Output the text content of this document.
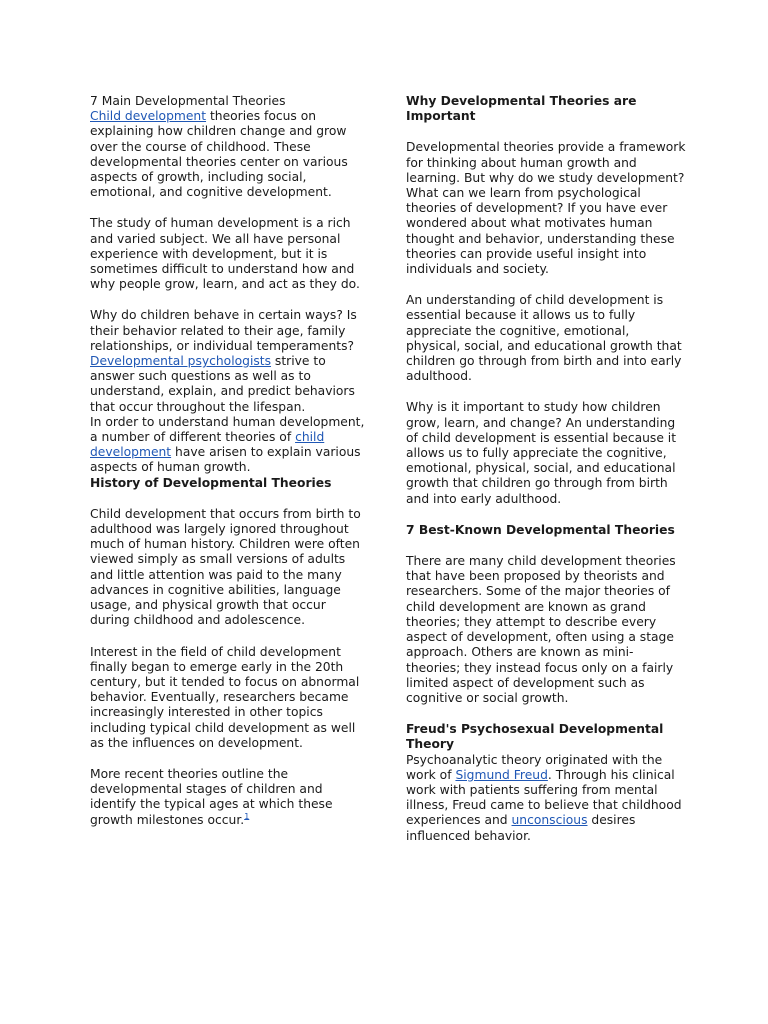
7 Main Developmental Theories

Child development theories focus on explaining how children change and grow over the course of childhood. These developmental theories center on various aspects of growth, including social, emotional, and cognitive development.

The study of human development is a rich and varied subject. We all have personal experience with development, but it is sometimes difficult to understand how and why people grow, learn, and act as they do.

Why do children behave in certain ways? Is their behavior related to their age, family relationships, or individual temperaments? Developmental psychologists strive to answer such questions as well as to understand, explain, and predict behaviors that occur throughout the lifespan.

In order to understand human development, a number of different theories of child development have arisen to explain various aspects of human growth.

History of Developmental Theories

Child development that occurs from birth to adulthood was largely ignored throughout much of human history. Children were often viewed simply as small versions of adults and little attention was paid to the many advances in cognitive abilities, language usage, and physical growth that occur during childhood and adolescence.

Interest in the field of child development finally began to emerge early in the 20th century, but it tended to focus on abnormal behavior. Eventually, researchers became increasingly interested in other topics including typical child development as well as the influences on development.

More recent theories outline the developmental stages of children and identify the typical ages at which these growth milestones occur.$^1$

Why Developmental Theories are Important

Developmental theories provide a framework for thinking about human growth and learning. But why do we study development? What can we learn from psychological theories of development? If you have ever wondered about what motivates human thought and behavior, understanding these theories can provide useful insight into individuals and society.

An understanding of child development is essential because it allows us to fully appreciate the cognitive, emotional, physical, social, and educational growth that children go through from birth and into early adulthood.

Why is it important to study how children grow, learn, and change? An understanding of child development is essential because it allows us to fully appreciate the cognitive, emotional, physical, social, and educational growth that children go through from birth and into early adulthood.

7 Best-Known Developmental Theories

There are many child development theories that have been proposed by theorists and researchers. Some of the major theories of child development are known as grand theories; they attempt to describe every aspect of development, often using a stage approach. Others are known as mini-theories; they instead focus only on a fairly limited aspect of development such as cognitive or social growth.

Freud's Psychosexual Developmental Theory

Psychoanalytic theory originated with the work of Sigmund Freud. Through his clinical work with patients suffering from mental illness, Freud came to believe that childhood experiences and unconscious desires influenced behavior.
